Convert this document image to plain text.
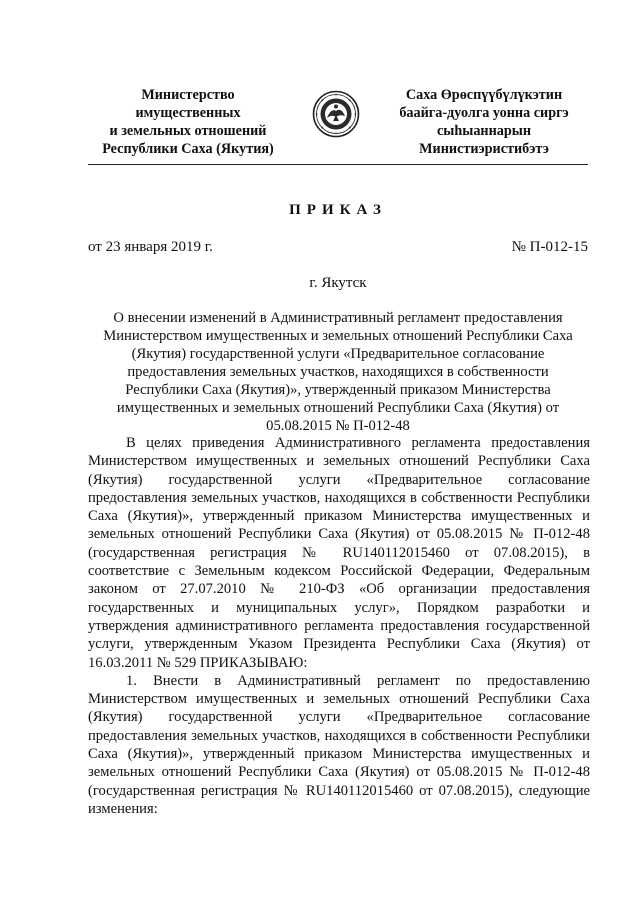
Министерство
имущественных
и земельных отношений
Республики Саха (Якутия)
Саха Өрөспүүбүлүкэтин
баайга-дуолга уонна сиргэ
сыһыаннарын
Министиэристибэтэ
ПРИКАЗ
от 23 января 2019 г.	№ П-012-15
г. Якутск
О внесении изменений в Административный регламент предоставления Министерством имущественных и земельных отношений Республики Саха (Якутия) государственной услуги «Предварительное согласование предоставления земельных участков, находящихся в собственности Республики Саха (Якутия)», утвержденный приказом Министерства имущественных и земельных отношений Республики Саха (Якутия) от 05.08.2015 № П-012-48

В целях приведения Административного регламента предоставления Министерством имущественных и земельных отношений Республики Саха (Якутия) государственной услуги «Предварительное согласование предоставления земельных участков, находящихся в собственности Республики Саха (Якутия)», утвержденный приказом Министерства имущественных и земельных отношений Республики Саха (Якутия) от 05.08.2015 № П-012-48 (государственная регистрация № RU140112015460 от 07.08.2015), в соответствие с Земельным кодексом Российской Федерации, Федеральным законом от 27.07.2010 № 210-ФЗ «Об организации предоставления государственных и муниципальных услуг», Порядком разработки и утверждения административного регламента предоставления государственной услуги, утвержденным Указом Президента Республики Саха (Якутия) от 16.03.2011 № 529 ПРИКАЗЫВАЮ:

1. Внести в Административный регламент по предоставлению Министерством имущественных и земельных отношений Республики Саха (Якутия) государственной услуги «Предварительное согласование предоставления земельных участков, находящихся в собственности Республики Саха (Якутия)», утвержденный приказом Министерства имущественных и земельных отношений Республики Саха (Якутия) от 05.08.2015 № П-012-48 (государственная регистрация № RU140112015460 от 07.08.2015), следующие изменения:
